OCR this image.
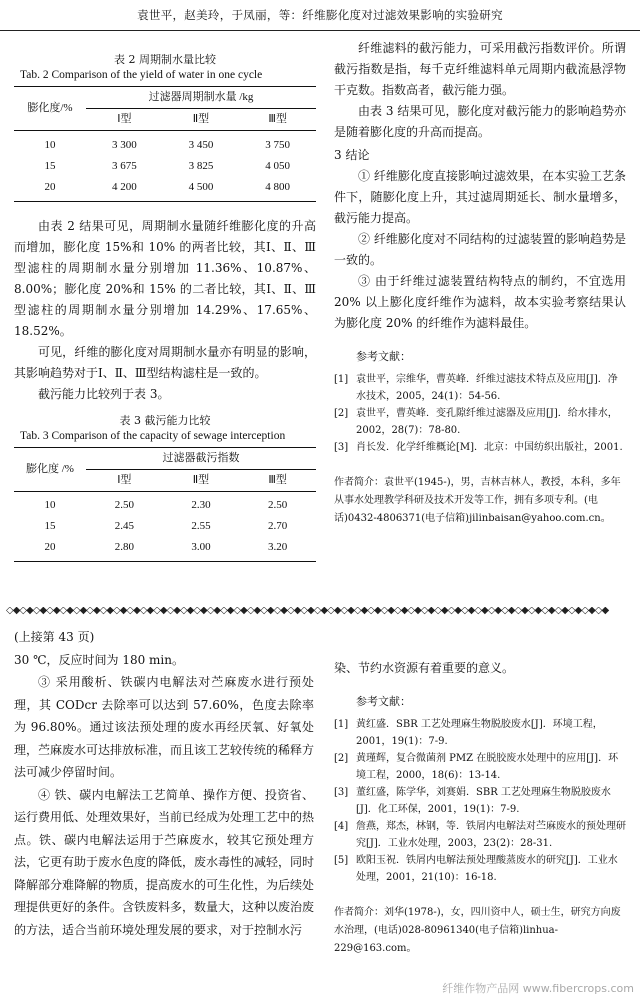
袁世平，赵美玲，于凤丽，等：纤维膨化度对过滤效果影响的实验研究
表 2 周期制水量比较
Tab. 2 Comparison of the yield of water in one cycle
膨化度/%	过滤器周期制水量 /kg		
	Ⅰ型	Ⅱ型	Ⅲ型
10	3 300	3 450	3 750
15	3 675	3 825	4 050
20	4 200	4 500	4 800

由表 2 结果可见，周期制水量随纤维膨化度的升高而增加，膨化度 15%和 10% 的两者比较，其Ⅰ、Ⅱ、Ⅲ型滤柱的周期制水量分别增加 11.36%、10.87%、8.00%；膨化度 20%和 15% 的二者比较，其Ⅰ、Ⅱ、Ⅲ型滤柱的周期制水量分别增加 14.29%、17.65%、18.52%。

可见，纤维的膨化度对周期制水量亦有明显的影响，其影响趋势对于Ⅰ、Ⅱ、Ⅲ型结构滤柱是一致的。

截污能力比较列于表 3。

表 3 截污能力比较
Tab. 3 Comparison of the capacity of sewage interception
膨化度 /%	过滤器截污指数		
	Ⅰ型	Ⅱ型	Ⅲ型
10	2.50	2.30	2.50
15	2.45	2.55	2.70
20	2.80	3.00	3.20

纤维滤料的截污能力，可采用截污指数评价。所谓截污指数是指，每千克纤维滤料单元周期内截流悬浮物干克数。指数高者，截污能力强。

由表 3 结果可见，膨化度对截污能力的影响趋势亦是随着膨化度的升高而提高。

3 结论

① 纤维膨化度直接影响过滤效果，在本实验工艺条件下，随膨化度上升，其过滤周期延长、制水量增多，截污能力提高。

② 纤维膨化度对不同结构的过滤装置的影响趋势是一致的。

③ 由于纤维过滤装置结构特点的制约，不宜选用 20% 以上膨化度纤维作为滤料，故本实验考察结果认为膨化度 20% 的纤维作为滤料最佳。

参考文献：

[1] 袁世平，宗维华，曹英峰．纤维过滤技术特点及应用[J]．净水技术，2005，24(1)：54-56.
[2] 袁世平，曹英峰．变孔隙纤维过滤器及应用[J]．给水排水，2002，28(7)：78-80.
[3] 肖长发．化学纤维概论[M]．北京：中国纺织出版社，2001.
作者简介：袁世平(1945-)，男，吉林吉林人，教授，本科，多年从事水处理教学科研及技术开发等工作，拥有多项专利。(电话)0432-4806371(电子信箱)jilinbaisan@yahoo.com.cn。
◇◆◇◆◇◆◇◆◇◆◇◆◇◆◇◆◇◆◇◆◇◆◇◆◇◆◇◆◇◆◇◆◇◆◇◆◇◆◇◆◇◆◇◆◇◆◇◆◇◆◇◆◇◆◇◆◇◆◇◆◇◆◇◆◇◆◇◆◇◆◇◆◇◆◇◆◇◆◇◆◇◆◇◆◇◆◇◆◇◆

(上接第 43 页)

30 ℃，反应时间为 180 min。

③ 采用酸析、铁碳内电解法对苎麻废水进行预处理，其 CODcr 去除率可以达到 57.60%，色度去除率为 96.80%。通过该法预处理的废水再经厌氧、好氧处理，苎麻废水可达排放标准，而且该工艺较传统的稀释方法可减少停留时间。

④ 铁、碳内电解法工艺简单、操作方便、投资省、运行费用低、处理效果好，当前已经成为处理工艺中的热点。铁、碳内电解法运用于苎麻废水，较其它预处理方法，它更有助于废水色度的降低，废水毒性的减轻，同时降解部分难降解的物质，提高废水的可生化性，为后续处理提供更好的条件。含铁废料多，数量大，这种以废治废的方法，适合当前环境处理发展的要求，对于控制水污

染、节约水资源有着重要的意义。

参考文献：

[1] 黄红盛．SBR 工艺处理麻生物脱胶废水[J]．环境工程，2001，19(1)：7-9.
[2] 黄瑾辉，复合微菌剂 PMZ 在脱胶废水处理中的应用[J]．环境工程，2000，18(6)：13-14.
[3] 董红盛，陈学华，刘赛娟．SBR 工艺处理麻生物脱胶废水[J]．化工环保，2001，19(1)：7-9.
[4] 詹燕，郑杰，林钢，等．铁屑内电解法对苎麻废水的预处理研究[J]．工业水处理，2003，23(2)：28-31.
[5] 欧阳玉祝．铁屑内电解法预处理酸蒸废水的研究[J]．工业水处理，2001，21(10)：16-18.
作者简介：刘华(1978-)，女，四川资中人，硕士生，研究方向废水治理，(电话)028-80961340(电子信箱)linhua-229@163.com。
纤维作物产品网 www.fibercrops.com
